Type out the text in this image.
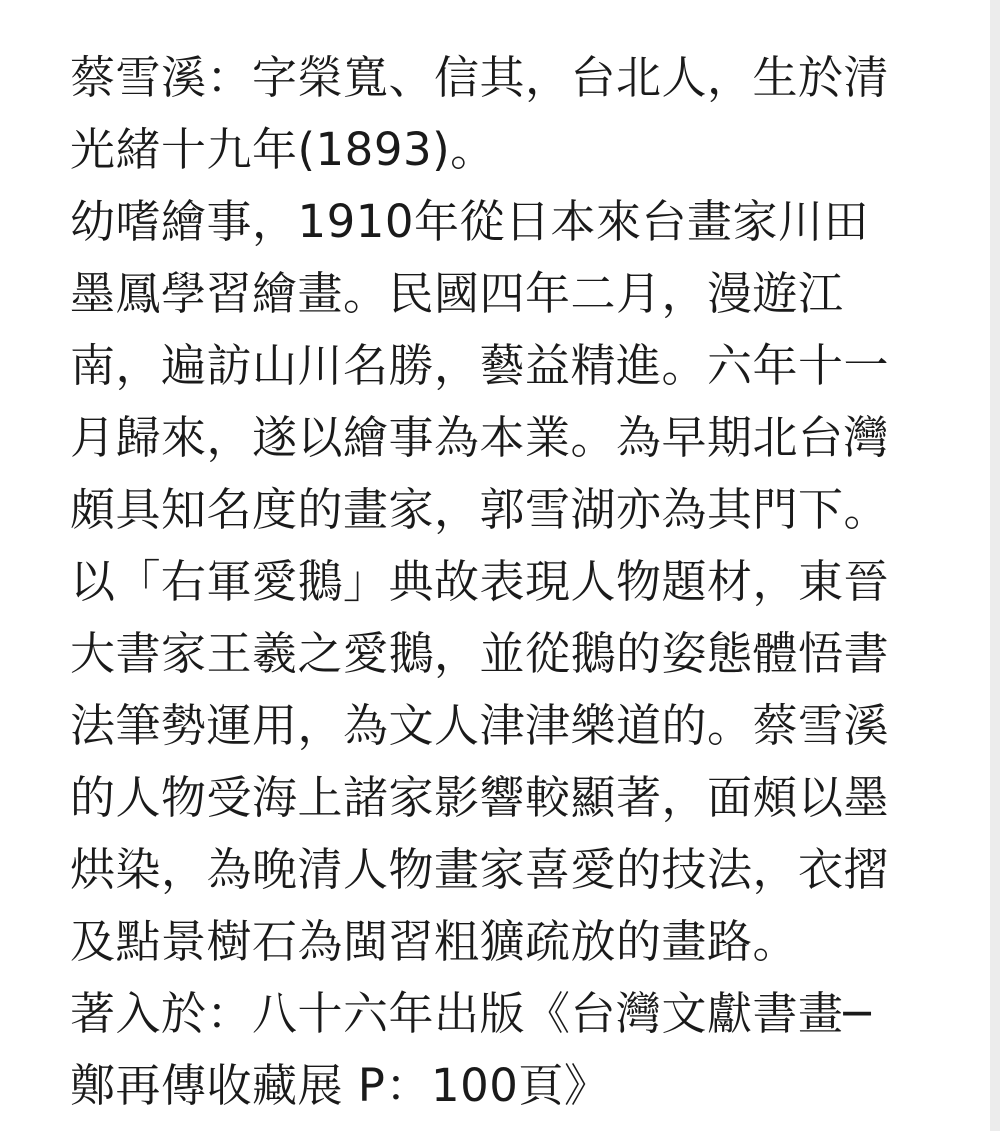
蔡雪溪：字榮寬、信其，台北人，生於清
光緒十九年(1893)。
幼嗜繪事，1910年從日本來台畫家川田
墨鳳學習繪畫。民國四年二月，漫遊江
南，遍訪山川名勝，藝益精進。六年十一
月歸來，遂以繪事為本業。為早期北台灣
頗具知名度的畫家，郭雪湖亦為其門下。
以「右軍愛鵝」典故表現人物題材，東晉
大書家王羲之愛鵝，並從鵝的姿態體悟書
法筆勢運用，為文人津津樂道的。蔡雪溪
的人物受海上諸家影響較顯著，面頰以墨
烘染，為晚清人物畫家喜愛的技法，衣摺
及點景樹石為閩習粗獷疏放的畫路。
著入於：八十六年出版《台灣文獻書畫─
鄭再傳收藏展 P：100頁》
